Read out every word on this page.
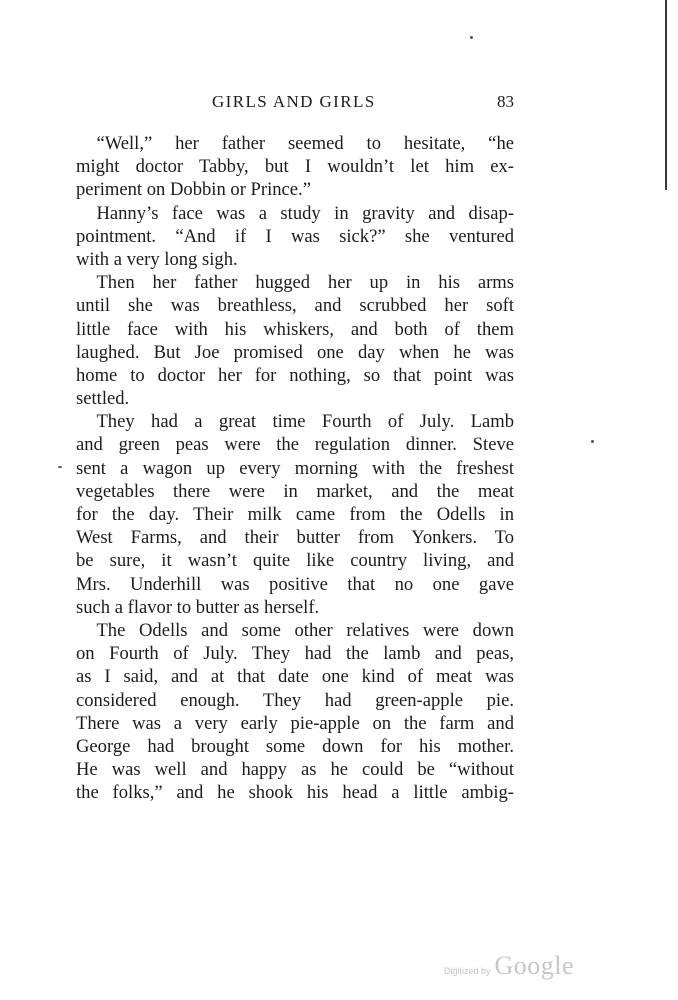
GIRLS AND GIRLS	83
“Well,” her father seemed to hesitate, “he
might doctor Tabby, but I wouldn’t let him ex-
periment on Dobbin or Prince.”
Hanny’s face was a study in gravity and disap-
pointment. “And if I was sick?” she ventured
with a very long sigh.
Then her father hugged her up in his arms
until she was breathless, and scrubbed her soft
little face with his whiskers, and both of them
laughed. But Joe promised one day when he was
home to doctor her for nothing, so that point was
settled.
They had a great time Fourth of July. Lamb
and green peas were the regulation dinner. Steve
sent a wagon up every morning with the freshest
vegetables there were in market, and the meat
for the day. Their milk came from the Odells in
West Farms, and their butter from Yonkers. To
be sure, it wasn’t quite like country living, and
Mrs. Underhill was positive that no one gave
such a flavor to butter as herself.
The Odells and some other relatives were down
on Fourth of July. They had the lamb and peas,
as I said, and at that date one kind of meat was
considered enough. They had green-apple pie.
There was a very early pie-apple on the farm and
George had brought some down for his mother.
He was well and happy as he could be “without
the folks,” and he shook his head a little ambig-
Digitized by Google
